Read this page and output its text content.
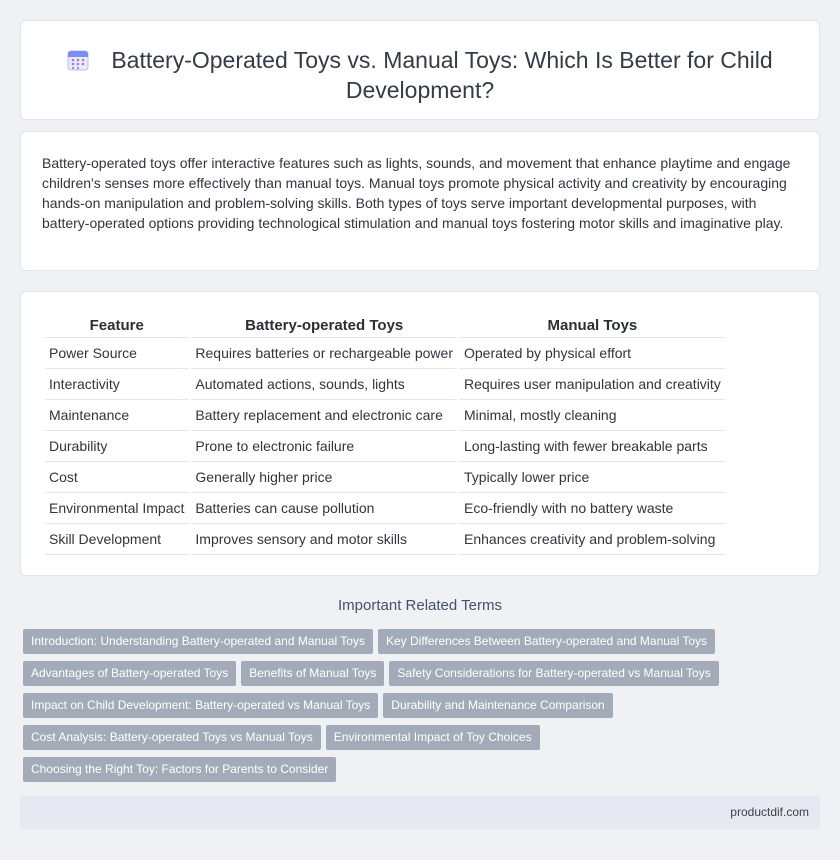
Battery-Operated Toys vs. Manual Toys: Which Is Better for Child Development?

Battery-operated toys offer interactive features such as lights, sounds, and movement that enhance playtime and engage children's senses more effectively than manual toys. Manual toys promote physical activity and creativity by encouraging hands-on manipulation and problem-solving skills. Both types of toys serve important developmental purposes, with battery-operated options providing technological stimulation and manual toys fostering motor skills and imaginative play.

Feature	Battery-operated Toys	Manual Toys
Power Source	Requires batteries or rechargeable power	Operated by physical effort
Interactivity	Automated actions, sounds, lights	Requires user manipulation and creativity
Maintenance	Battery replacement and electronic care	Minimal, mostly cleaning
Durability	Prone to electronic failure	Long-lasting with fewer breakable parts
Cost	Generally higher price	Typically lower price
Environmental Impact	Batteries can cause pollution	Eco-friendly with no battery waste
Skill Development	Improves sensory and motor skills	Enhances creativity and problem-solving
Important Related Terms
Introduction: Understanding Battery-operated and Manual Toys Key Differences Between Battery-operated and Manual Toys
Advantages of Battery-operated Toys Benefits of Manual Toys Safety Considerations for Battery-operated vs Manual Toys
Impact on Child Development: Battery-operated vs Manual Toys Durability and Maintenance Comparison
Cost Analysis: Battery-operated Toys vs Manual Toys Environmental Impact of Toy Choices
Choosing the Right Toy: Factors for Parents to Consider
productdif.com
